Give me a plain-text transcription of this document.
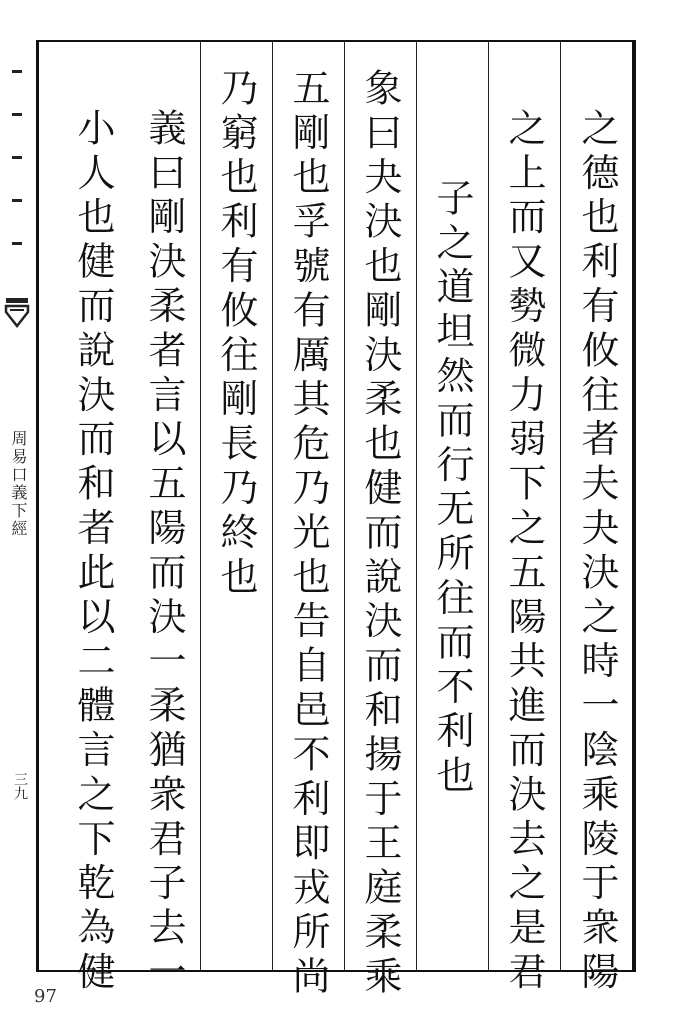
周易口義下經
三九
97
之德也利有攸往者夫夬決之時一陰乘陵于衆陽
之上而又勢微力弱下之五陽共進而決去之是君
子之道坦然而行无所往而不利也
象曰夬決也剛決柔也健而說決而和揚于王庭柔乘
五剛也孚號有厲其危乃光也告自邑不利即戎所尚
乃窮也利有攸往剛長乃終也
義曰剛決柔者言以五陽而決一柔猶衆君子去一
小人也健而說決而和者此以二體言之下乾為健
